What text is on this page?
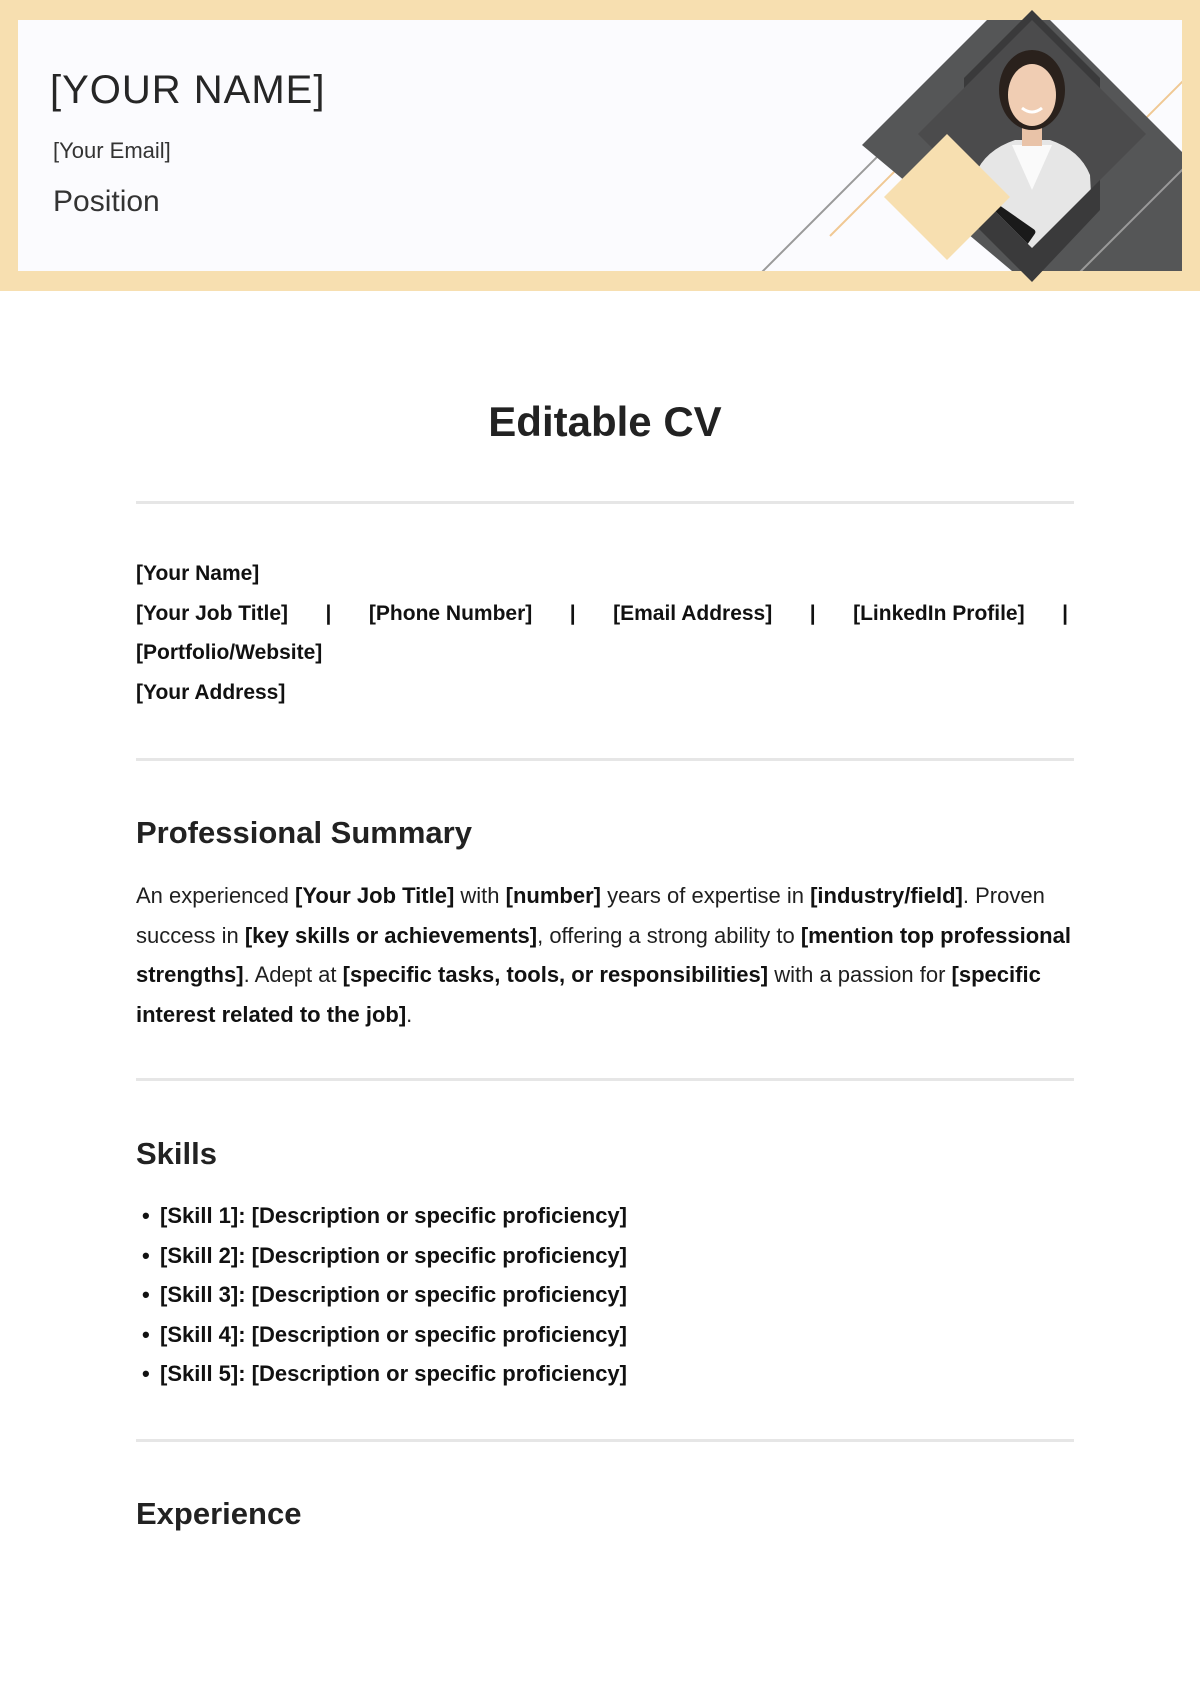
[YOUR NAME]
[Your Email]
Position
Editable CV
[Your Name]
[Your Job Title] | [Phone Number] | [Email Address] | [LinkedIn Profile] |
[Portfolio/Website]
[Your Address]
Professional Summary
An experienced [Your Job Title] with [number] years of expertise in [industry/field]. Proven success in [key skills or achievements], offering a strong ability to [mention top professional strengths]. Adept at [specific tasks, tools, or responsibilities] with a passion for [specific interest related to the job].
Skills
• [Skill 1]: [Description or specific proficiency]
• [Skill 2]: [Description or specific proficiency]
• [Skill 3]: [Description or specific proficiency]
• [Skill 4]: [Description or specific proficiency]
• [Skill 5]: [Description or specific proficiency]
Experience
